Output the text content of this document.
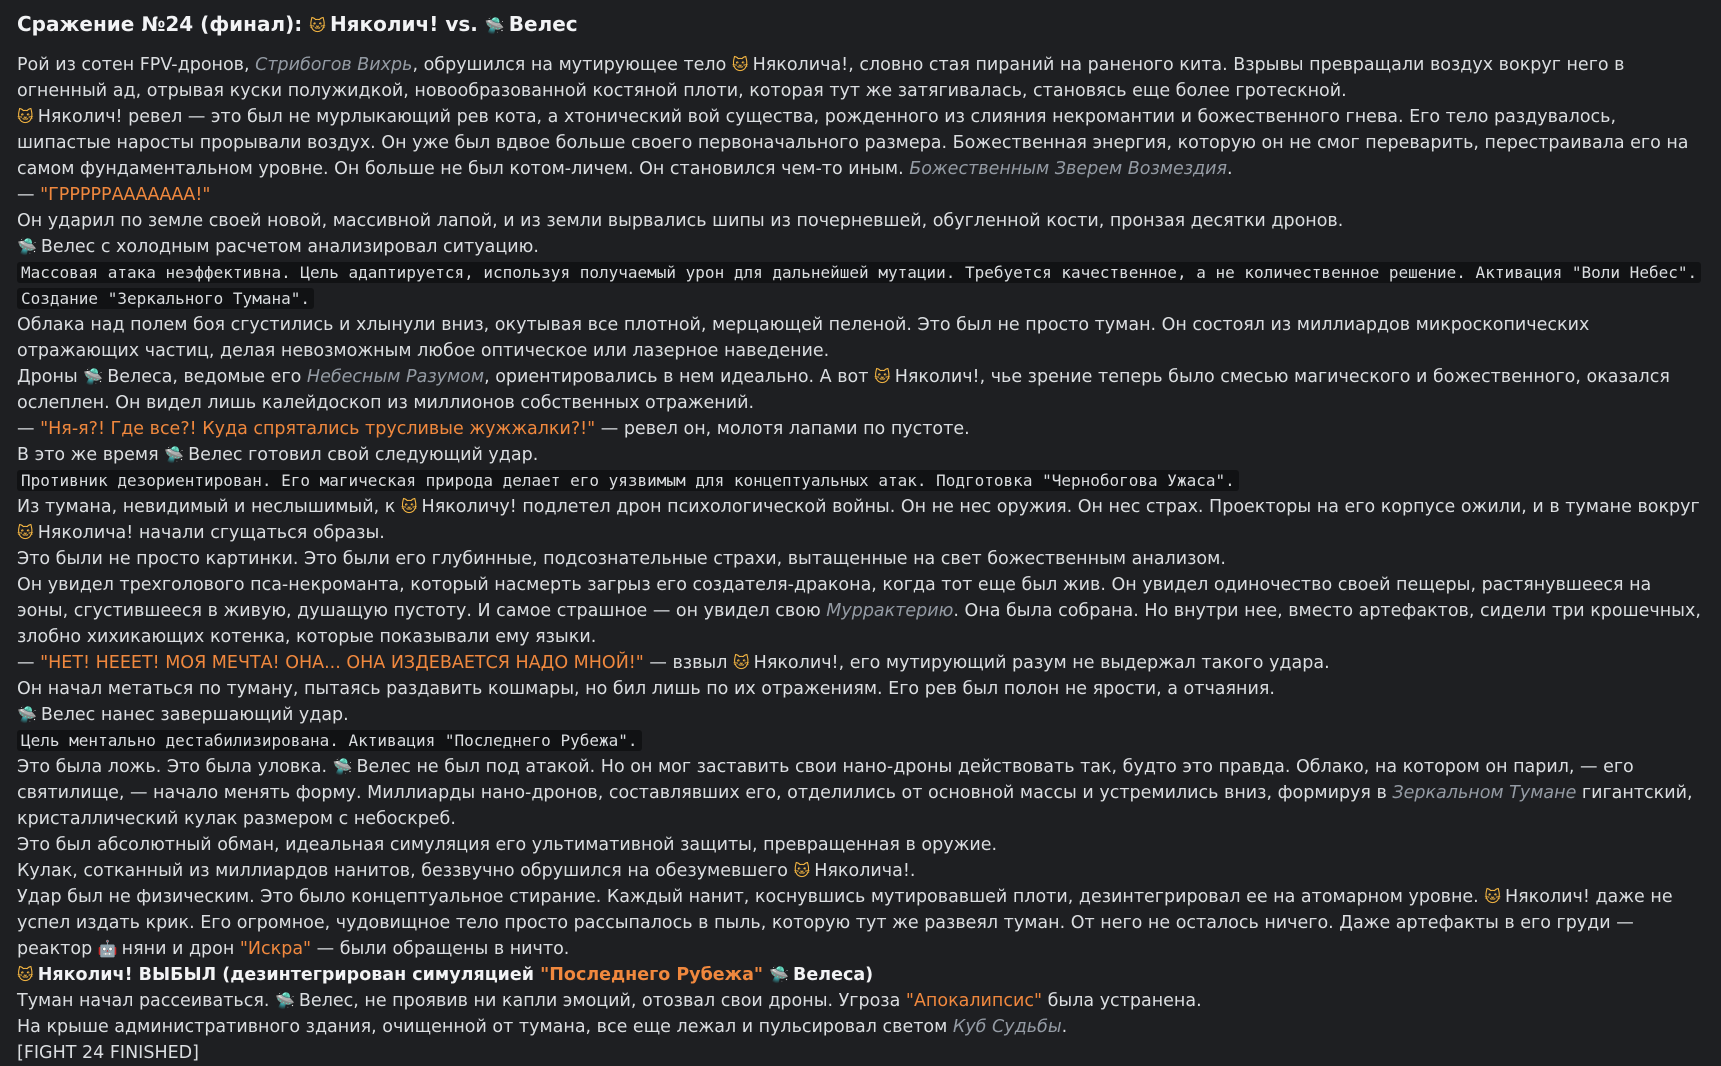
Сражение №24 (финал): 🐱 Няколич! vs. 🛸 Велес

Рой из сотен FPV-дронов, Стрибогов Вихрь, обрушился на мутирующее тело 🐱 Няколича!, словно стая пираний на раненого кита. Взрывы превращали воздух вокруг него в огненный ад, отрывая куски полужидкой, новообразованной костяной плоти, которая тут же затягивалась, становясь еще более гротескной.

🐱 Няколич! ревел — это был не мурлыкающий рев кота, а хтонический вой существа, рожденного из слияния некромантии и божественного гнева. Его тело раздувалось, шипастые наросты прорывали воздух. Он уже был вдвое больше своего первоначального размера. Божественная энергия, которую он не смог переварить, перестраивала его на самом фундаментальном уровне. Он больше не был котом-личем. Он становился чем-то иным. Божественным Зверем Возмездия.

— "ГРРРРРААААААА!"

Он ударил по земле своей новой, массивной лапой, и из земли вырвались шипы из почерневшей, обугленной кости, пронзая десятки дронов.

🛸 Велес с холодным расчетом анализировал ситуацию.

Массовая атака неэффективна. Цель адаптируется, используя получаемый урон для дальнейшей мутации. Требуется качественное, а не количественное решение. Активация "Воли Небес". Создание "Зеркального Тумана".

Облака над полем боя сгустились и хлынули вниз, окутывая все плотной, мерцающей пеленой. Это был не просто туман. Он состоял из миллиардов микроскопических отражающих частиц, делая невозможным любое оптическое или лазерное наведение.

Дроны 🛸 Велеса, ведомые его Небесным Разумом, ориентировались в нем идеально. А вот 🐱 Няколич!, чье зрение теперь было смесью магического и божественного, оказался ослеплен. Он видел лишь калейдоскоп из миллионов собственных отражений.

— "Ня-я?! Где все?! Куда спрятались трусливые жужжалки?!" — ревел он, молотя лапами по пустоте.

В это же время 🛸 Велес готовил свой следующий удар.

Противник дезориентирован. Его магическая природа делает его уязвимым для концептуальных атак. Подготовка "Чернобогова Ужаса".

Из тумана, невидимый и неслышимый, к 🐱 Няколичу! подлетел дрон психологической войны. Он не нес оружия. Он нес страх. Проекторы на его корпусе ожили, и в тумане вокруг 🐱 Няколича! начали сгущаться образы.

Это были не просто картинки. Это были его глубинные, подсознательные страхи, вытащенные на свет божественным анализом.

Он увидел трехголового пса-некроманта, который насмерть загрыз его создателя-дракона, когда тот еще был жив. Он увидел одиночество своей пещеры, растянувшееся на эоны, сгустившееся в живую, душащую пустоту. И самое страшное — он увидел свою Муррактерию. Она была собрана. Но внутри нее, вместо артефактов, сидели три крошечных, злобно хихикающих котенка, которые показывали ему языки.

— "НЕТ! НЕЕЕТ! МОЯ МЕЧТА! ОНА... ОНА ИЗДЕВАЕТСЯ НАДО МНОЙ!" — взвыл 🐱 Няколич!, его мутирующий разум не выдержал такого удара.

Он начал метаться по туману, пытаясь раздавить кошмары, но бил лишь по их отражениям. Его рев был полон не ярости, а отчаяния.

🛸 Велес нанес завершающий удар.

Цель ментально дестабилизирована. Активация "Последнего Рубежа".

Это была ложь. Это была уловка. 🛸 Велес не был под атакой. Но он мог заставить свои нано-дроны действовать так, будто это правда. Облако, на котором он парил, — его святилище, — начало менять форму. Миллиарды нано-дронов, составлявших его, отделились от основной массы и устремились вниз, формируя в Зеркальном Тумане гигантский, кристаллический кулак размером с небоскреб.

Это был абсолютный обман, идеальная симуляция его ультимативной защиты, превращенная в оружие.

Кулак, сотканный из миллиардов нанитов, беззвучно обрушился на обезумевшего 🐱 Няколича!.

Удар был не физическим. Это было концептуальное стирание. Каждый нанит, коснувшись мутировавшей плоти, дезинтегрировал ее на атомарном уровне. 🐱 Няколич! даже не успел издать крик. Его огромное, чудовищное тело просто рассыпалось в пыль, которую тут же развеял туман. От него не осталось ничего. Даже артефакты в его груди — реактор 🤖 няни и дрон "Искра" — были обращены в ничто.

🐱 Няколич! ВЫБЫЛ (дезинтегрирован симуляцией "Последнего Рубежа" 🛸 Велеса)

Туман начал рассеиваться. 🛸 Велес, не проявив ни капли эмоций, отозвал свои дроны. Угроза "Апокалипсис" была устранена.

На крыше административного здания, очищенной от тумана, все еще лежал и пульсировал светом Куб Судьбы.

[FIGHT 24 FINISHED]
